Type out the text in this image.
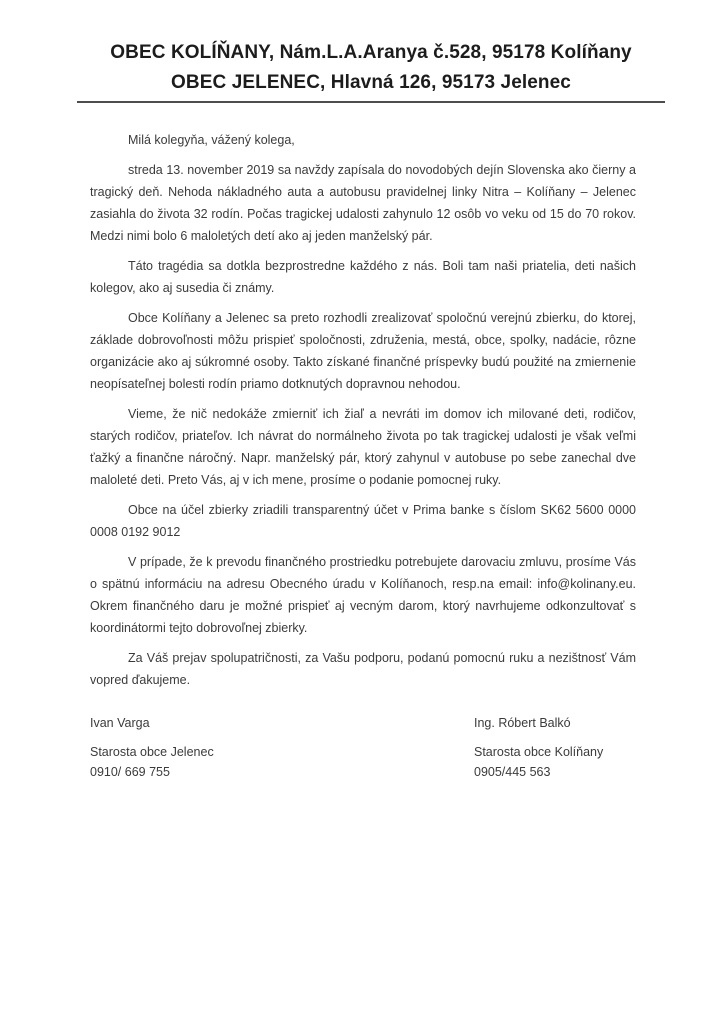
OBEC KOLÍŇANY, Nám.L.A.Aranya č.528, 95178 Kolíňany
OBEC JELENEC, Hlavná 126, 95173 Jelenec

Milá kolegyňa, vážený kolega,

streda 13. november 2019 sa navždy zapísala do novodobých dejín Slovenska ako čierny a tragický deň. Nehoda nákladného auta a autobusu pravidelnej linky Nitra – Kolíňany – Jelenec zasiahla do života 32 rodín. Počas tragickej udalosti zahynulo 12 osôb vo veku od 15 do 70 rokov. Medzi nimi bolo 6 maloletých detí ako aj jeden manželský pár.

Táto tragédia sa dotkla bezprostredne každého z nás. Boli tam naši priatelia, deti našich kolegov, ako aj susedia či známy.

Obce Kolíňany a Jelenec sa preto rozhodli zrealizovať spoločnú verejnú zbierku, do ktorej, základe dobrovoľnosti môžu prispieť spoločnosti, združenia, mestá, obce, spolky, nadácie, rôzne organizácie ako aj súkromné osoby. Takto získané finančné príspevky budú použité na zmiernenie neopísateľnej bolesti rodín priamo dotknutých dopravnou nehodou.

Vieme, že nič nedokáže zmierniť ich žiaľ a nevráti im domov ich milované deti, rodičov, starých rodičov, priateľov. Ich návrat do normálneho života po tak tragickej udalosti je však veľmi ťažký a finančne náročný. Napr. manželský pár, ktorý zahynul v autobuse po sebe zanechal dve maloleté deti. Preto Vás, aj v ich mene, prosíme o podanie pomocnej ruky.

Obce na účel zbierky zriadili transparentný účet v Prima banke s číslom SK62 5600 0000 0008 0192 9012

V prípade, že k prevodu finančného prostriedku potrebujete darovaciu zmluvu, prosíme Vás o spätnú informáciu na adresu Obecného úradu v Kolíňanoch, resp.na email: info@kolinany.eu. Okrem finančného daru je možné prispieť aj vecným darom, ktorý navrhujeme odkonzultovať s koordinátormi tejto dobrovoľnej zbierky.

Za Váš prejav spolupatričnosti, za Vašu podporu, podanú pomocnú ruku a nezištnosť Vám vopred ďakujeme.

Ivan Varga
Starosta obce Jelenec
0910/ 669 755
Ing. Róbert Balkó
Starosta obce Kolíňany
0905/445 563
